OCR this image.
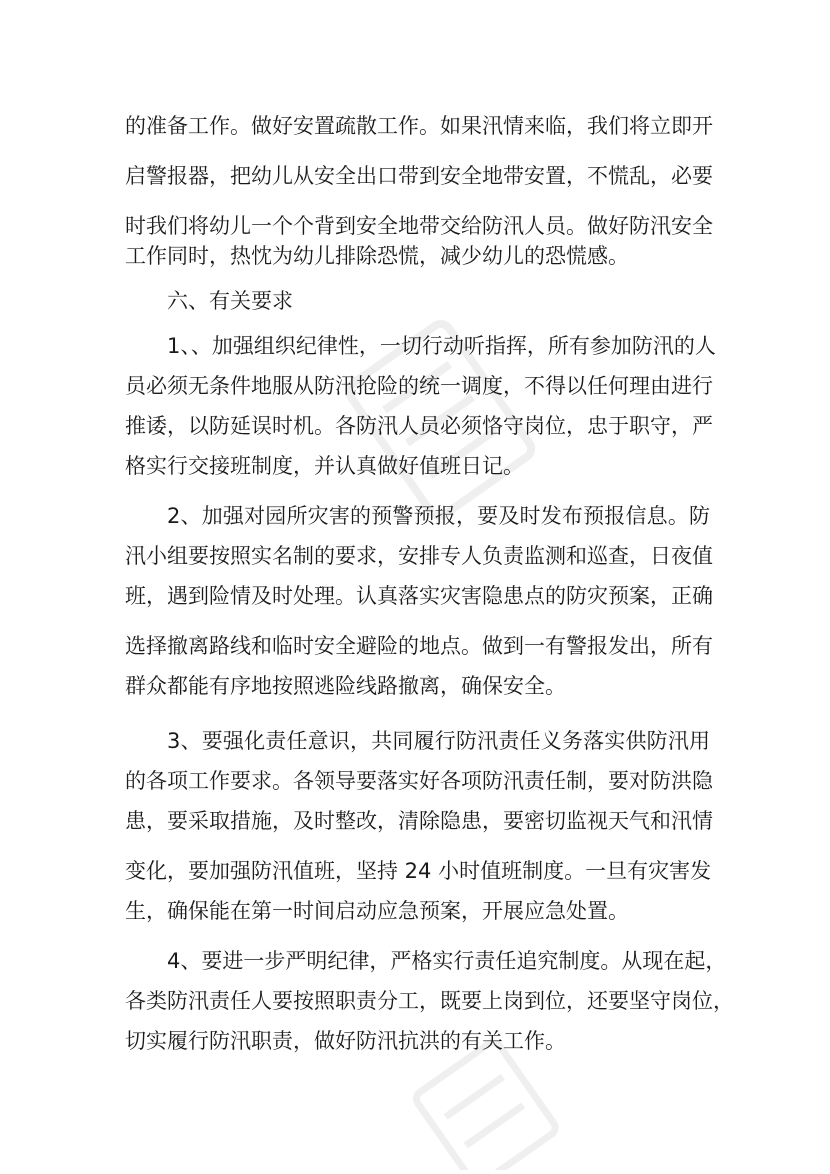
的准备工作。做好安置疏散工作。如果汛情来临，我们将立即开
启警报器，把幼儿从安全出口带到安全地带安置，不慌乱，必要
时我们将幼儿一个个背到安全地带交给防汛人员。做好防汛安全
工作同时，热忱为幼儿排除恐慌，减少幼儿的恐慌感。
六、有关要求
1、、加强组织纪律性，一切行动听指挥，所有参加防汛的人
员必须无条件地服从防汛抢险的统一调度，不得以任何理由进行
推诿，以防延误时机。各防汛人员必须恪守岗位，忠于职守，严
格实行交接班制度，并认真做好值班日记。
2、加强对园所灾害的预警预报，要及时发布预报信息。防
汛小组要按照实名制的要求，安排专人负责监测和巡查，日夜值
班，遇到险情及时处理。认真落实灾害隐患点的防灾预案，正确
选择撤离路线和临时安全避险的地点。做到一有警报发出，所有
群众都能有序地按照逃险线路撤离，确保安全。
3、要强化责任意识，共同履行防汛责任义务落实供防汛用
的各项工作要求。各领导要落实好各项防汛责任制，要对防洪隐
患，要采取措施，及时整改，清除隐患，要密切监视天气和汛情
变化，要加强防汛值班，坚持 24 小时值班制度。一旦有灾害发
生，确保能在第一时间启动应急预案，开展应急处置。
4、要进一步严明纪律，严格实行责任追究制度。从现在起，
各类防汛责任人要按照职责分工，既要上岗到位，还要坚守岗位，
切实履行防汛职责，做好防汛抗洪的有关工作。
